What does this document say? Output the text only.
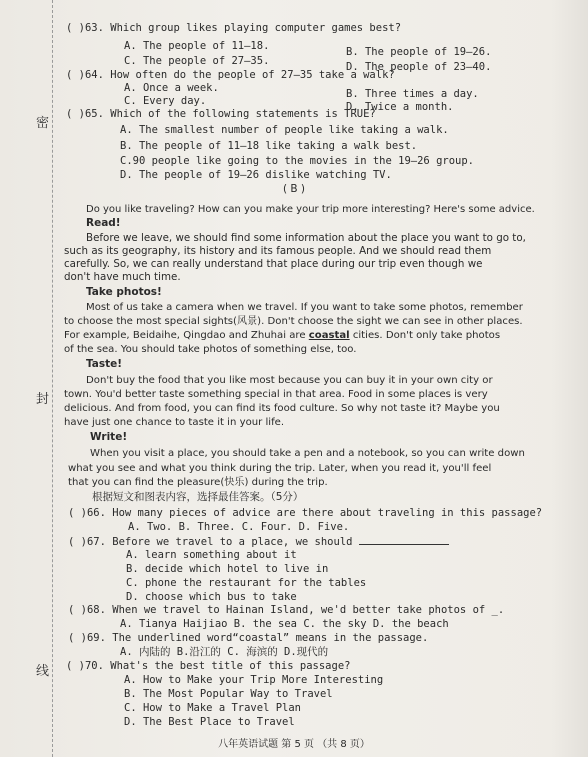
密
封
线
( )63. Which group likes playing computer games best?
A. The people of 11—18.	B. The people of 19—26.
C. The people of 27—35.	D. The people of 23—40.
( )64. How often do the people of 27—35 take a walk?
A. Once a week.	B. Three times a day.
C. Every day.	D. Twice a month.
( )65. Which of the following statements is TRUE?
A. The smallest number of people like taking a walk.
B. The people of 11—18 like taking a walk best.
C.90 people like going to the movies in the 19—26 group.
D. The people of 19—26 dislike watching TV.
( B )
Do you like traveling? How can you make your trip more interesting? Here's some advice.
Read!
Before we leave, we should find some information about the place you want to go to,
such as its geography, its history and its famous people. And we should read them
carefully. So, we can really understand that place during our trip even though we
don't have much time.
Take photos!
Most of us take a camera when we travel. If you want to take some photos, remember
to choose the most special sights(风景). Don't choose the sight we can see in other places.
For example, Beidaihe, Qingdao and Zhuhai are coastal cities. Don't only take photos
of the sea. You should take photos of something else, too.
Taste!
Don't buy the food that you like most because you can buy it in your own city or
town. You'd better taste something special in that area. Food in some places is very
delicious. And from food, you can find its food culture. So why not taste it? Maybe you
have just one chance to taste it in your life.
Write!
When you visit a place, you should take a pen and a notebook, so you can write down
what you see and what you think during the trip. Later, when you read it, you'll feel
that you can find the pleasure(快乐) during the trip.
根据短文和图表内容，选择最佳答案。（5分）
( )66. How many pieces of advice are there about traveling in this passage?
A. Two. B. Three. C. Four. D. Five.
( )67. Before we travel to a place, we should
A. learn something about it
B. decide which hotel to live in
C. phone the restaurant for the tables
D. choose which bus to take
( )68. When we travel to Hainan Island, we'd better take photos of _.
A. Tianya Haijiao B. the sea C. the sky D. the beach
( )69. The underlined word“coastal” means in the passage.
A. 内陆的 B.沿江的 C. 海滨的 D.现代的
( )70. What's the best title of this passage?
A. How to Make your Trip More Interesting
B. The Most Popular Way to Travel
C. How to Make a Travel Plan
D. The Best Place to Travel
八年英语试题 第 5 页 （共 8 页）
